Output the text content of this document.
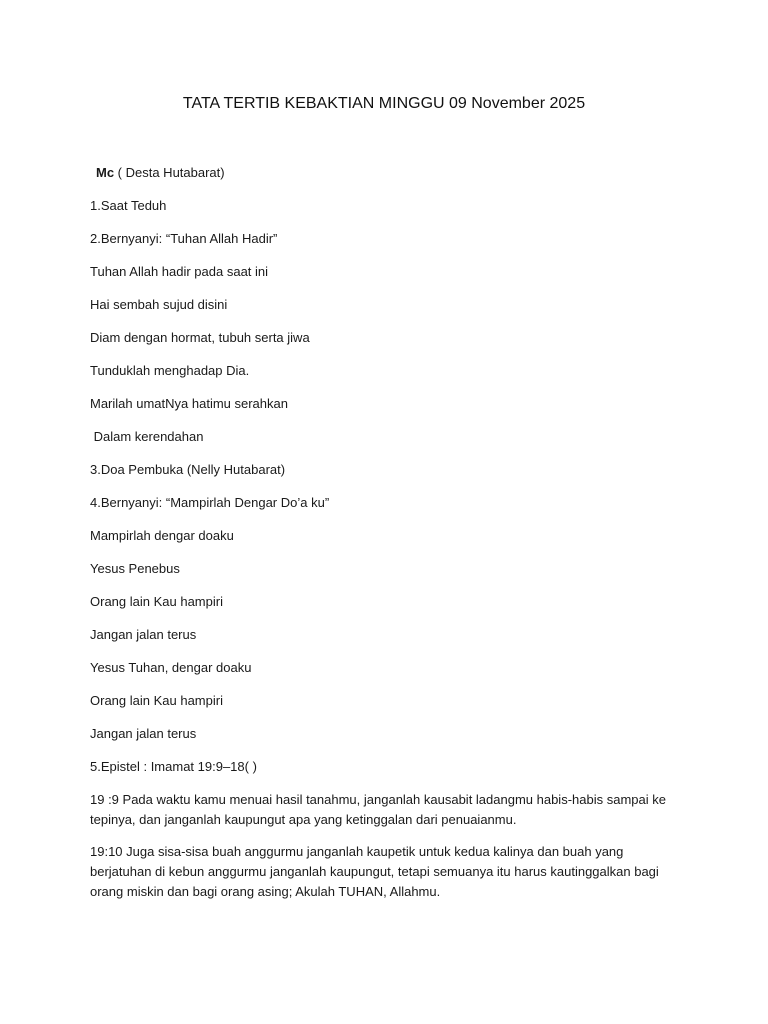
TATA TERTIB KEBAKTIAN MINGGU 09 November 2025
Mc ( Desta Hutabarat)
1.Saat Teduh
2.Bernyanyi: “Tuhan Allah Hadir”
Tuhan Allah hadir pada saat ini
Hai sembah sujud disini
Diam dengan hormat, tubuh serta jiwa
Tunduklah menghadap Dia.
Marilah umatNya hatimu serahkan
Dalam kerendahan
3.Doa Pembuka (Nelly Hutabarat)
4.Bernyanyi: “Mampirlah Dengar Do’a ku”
Mampirlah dengar doaku
Yesus Penebus
Orang lain Kau hampiri
Jangan jalan terus
Yesus Tuhan, dengar doaku
Orang lain Kau hampiri
Jangan jalan terus
5.Epistel : Imamat 19:9–18( )
19 :9 Pada waktu kamu menuai hasil tanahmu, janganlah kausabit ladangmu habis-habis sampai ke tepinya, dan janganlah kaupungut apa yang ketinggalan dari penuaianmu.
19:10 Juga sisa-sisa buah anggurmu janganlah kaupetik untuk kedua kalinya dan buah yang berjatuhan di kebun anggurmu janganlah kaupungut, tetapi semuanya itu harus kautinggalkan bagi orang miskin dan bagi orang asing; Akulah TUHAN, Allahmu.
